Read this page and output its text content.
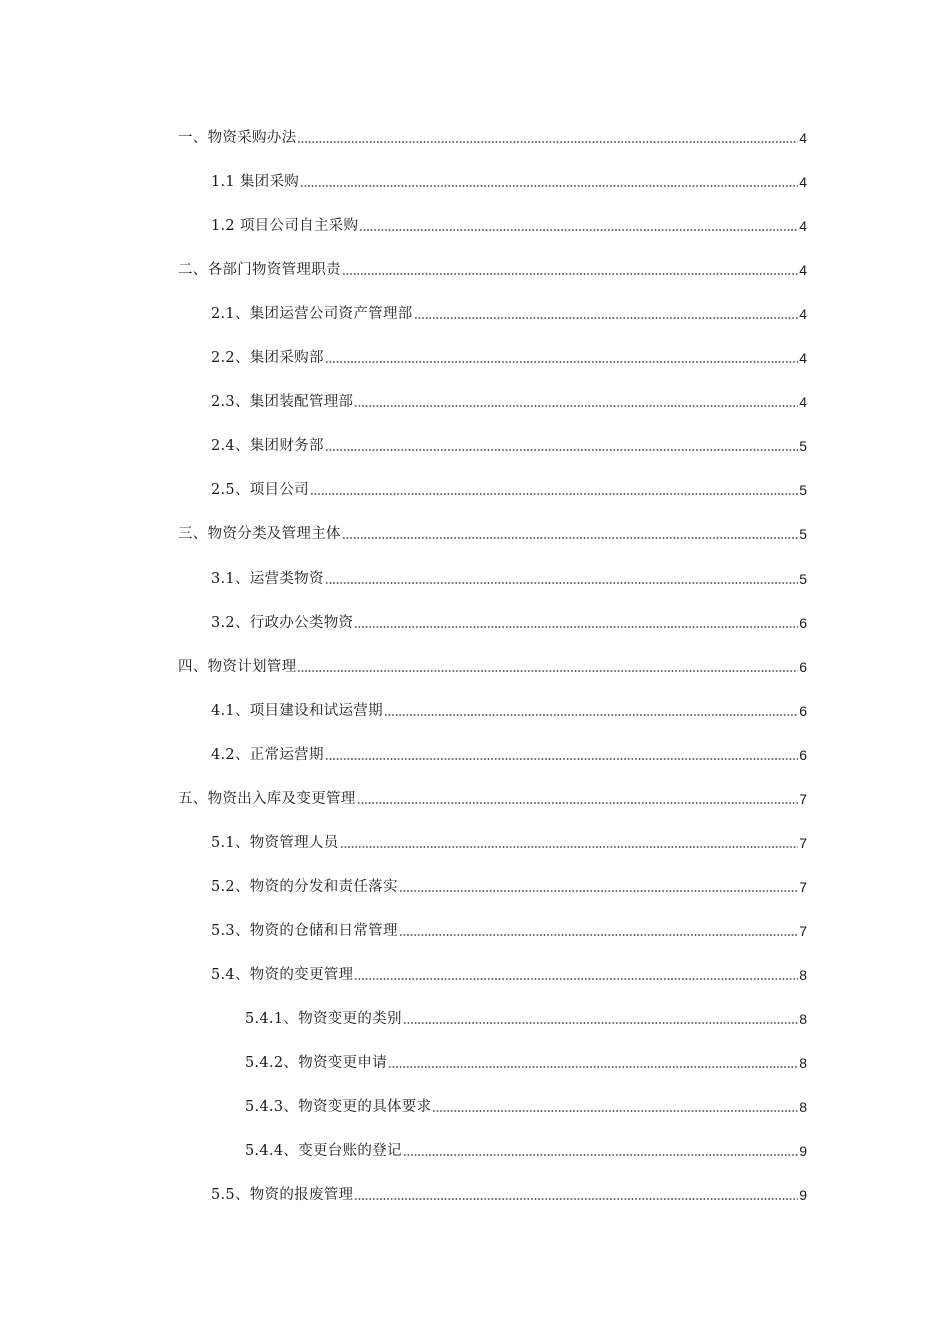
一、物资采购办法	4
1.1 集团采购	4
1.2 项目公司自主采购	4
二、各部门物资管理职责	4
2.1、集团运营公司资产管理部	4
2.2、集团采购部	4
2.3、集团装配管理部	4
2.4、集团财务部	5
2.5、项目公司	5
三、物资分类及管理主体	5
3.1、运营类物资	5
3.2、行政办公类物资	6
四、物资计划管理	6
4.1、项目建设和试运营期	6
4.2、正常运营期	6
五、物资出入库及变更管理	7
5.1、物资管理人员	7
5.2、物资的分发和责任落实	7
5.3、物资的仓储和日常管理	7
5.4、物资的变更管理	8
5.4.1、物资变更的类别	8
5.4.2、物资变更申请	8
5.4.3、物资变更的具体要求	8
5.4.4、变更台账的登记	9
5.5、物资的报废管理	9
